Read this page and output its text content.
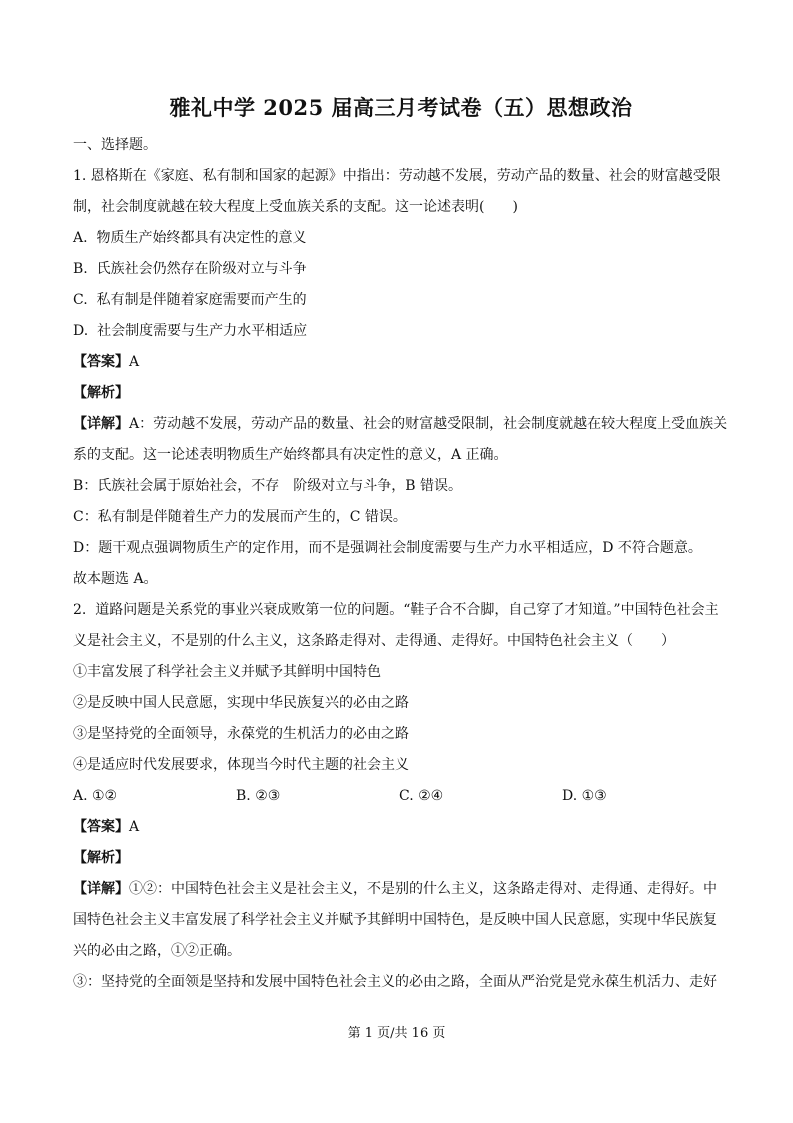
雅礼中学 2025 届高三月考试卷（五）思想政治

一、选择题。

1. 恩格斯在《家庭、私有制和国家的起源》中指出：劳动越不发展，劳动产品的数量、社会的财富越受限

制，社会制度就越在较大程度上受血族关系的支配。这一论述表明(　　)

A.  物质生产始终都具有决定性的意义

B.  氏族社会仍然存在阶级对立与斗争

C.  私有制是伴随着家庭需要而产生的

D.  社会制度需要与生产力水平相适应

【答案】A

【解析】

【详解】A：劳动越不发展，劳动产品的数量、社会的财富越受限制，社会制度就越在较大程度上受血族关

系的支配。这一论述表明物质生产始终都具有决定性的意义，A 正确。

B：氏族社会属于原始社会，不存　阶级对立与斗争，B 错误。

C：私有制是伴随着生产力的发展而产生的，C 错误。

D：题干观点强调物质生产的定作用，而不是强调社会制度需要与生产力水平相适应，D 不符合题意。

故本题选 A。

2.  道路问题是关系党的事业兴衰成败第一位的问题。“鞋子合不合脚，自己穿了才知道。”中国特色社会主

义是社会主义，不是别的什么主义，这条路走得对、走得通、走得好。中国特色社会主义（　　）

①丰富发展了科学社会主义并赋予其鲜明中国特色

②是反映中国人民意愿，实现中华民族复兴的必由之路

③是坚持党的全面领导，永葆党的生机活力的必由之路

④是适应时代发展要求，体现当今时代主题的社会主义

A. ①②	B. ②③	C. ②④	D. ①③

【答案】A

【解析】

【详解】①②：中国特色社会主义是社会主义，不是别的什么主义，这条路走得对、走得通、走得好。中

国特色社会主义丰富发展了科学社会主义并赋予其鲜明中国特色，是反映中国人民意愿，实现中华民族复

兴的必由之路，①②正确。

③：坚持党的全面领是坚持和发展中国特色社会主义的必由之路，全面从严治党是党永葆生机活力、走好

第 1 页/共 16 页
